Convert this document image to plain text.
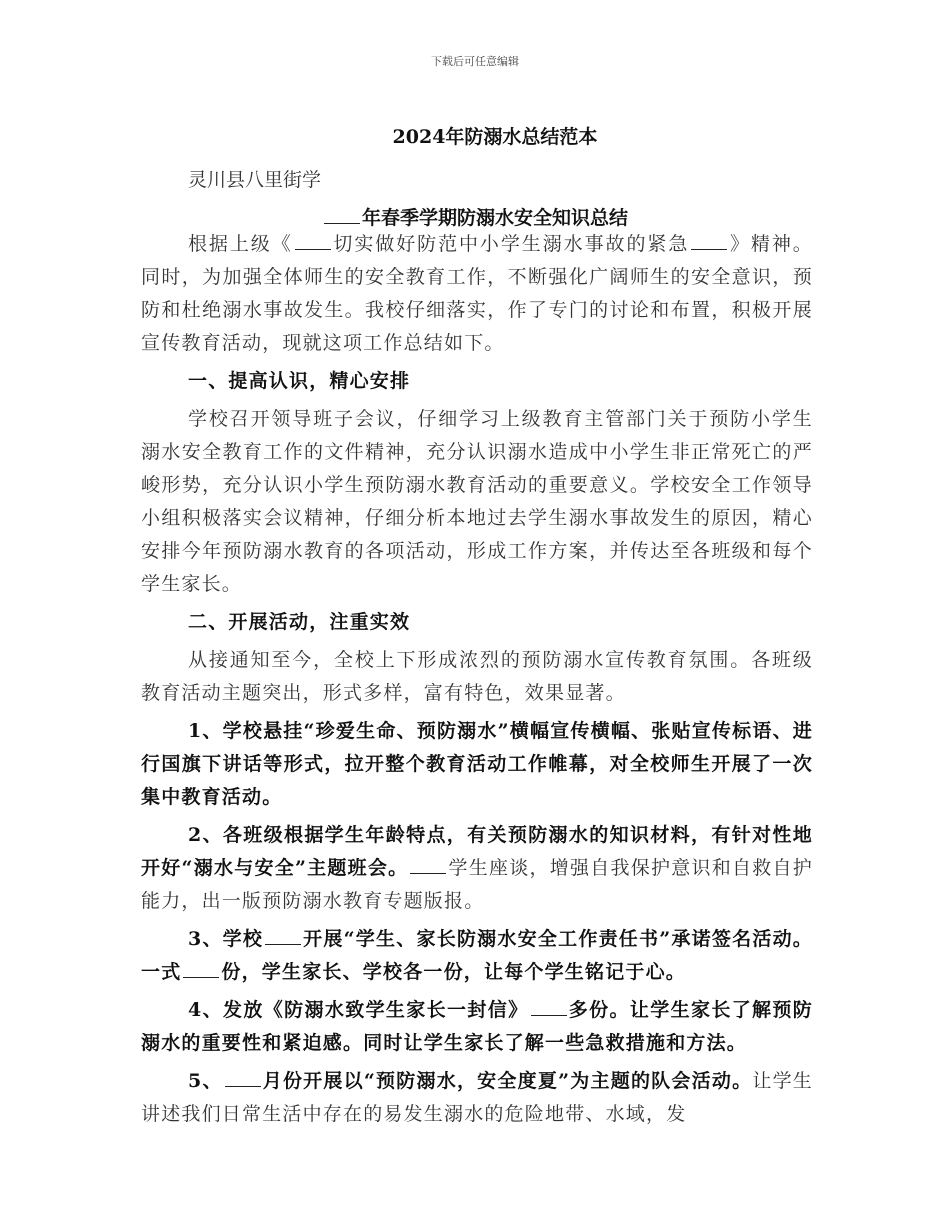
下载后可任意编辑
2024年防溺水总结范本
灵川县八里街学
年春季学期防溺水安全知识总结

根据上级《 切实做好防范中小学生溺水事故的紧急 》精神。同时，为加强全体师生的安全教育工作，不断强化广阔师生的安全意识，预防和杜绝溺水事故发生。我校仔细落实，作了专门的讨论和布置，积极开展宣传教育活动，现就这项工作总结如下。

一、提高认识，精心安排

学校召开领导班子会议，仔细学习上级教育主管部门关于预防小学生溺水安全教育工作的文件精神，充分认识溺水造成中小学生非正常死亡的严峻形势，充分认识小学生预防溺水教育活动的重要意义。学校安全工作领导小组积极落实会议精神，仔细分析本地过去学生溺水事故发生的原因，精心安排今年预防溺水教育的各项活动，形成工作方案，并传达至各班级和每个学生家长。

二、开展活动，注重实效

从接通知至今，全校上下形成浓烈的预防溺水宣传教育氛围。各班级教育活动主题突出，形式多样，富有特色，效果显著。

1、学校悬挂“珍爱生命、预防溺水”横幅宣传横幅、张贴宣传标语、进行国旗下讲话等形式，拉开整个教育活动工作帷幕，对全校师生开展了一次集中教育活动。

2、各班级根据学生年龄特点，有关预防溺水的知识材料，有针对性地开好“溺水与安全”主题班会。 学生座谈，增强自我保护意识和自救自护能力，出一版预防溺水教育专题版报。

3、学校 开展“学生、家长防溺水安全工作责任书”承诺签名活动。一式 份，学生家长、学校各一份，让每个学生铭记于心。

4、发放《防溺水致学生家长一封信》 多份。让学生家长了解预防溺水的重要性和紧迫感。同时让学生家长了解一些急救措施和方法。

5、 月份开展以“预防溺水，安全度夏”为主题的队会活动。让学生讲述我们日常生活中存在的易发生溺水的危险地带、水域，发
